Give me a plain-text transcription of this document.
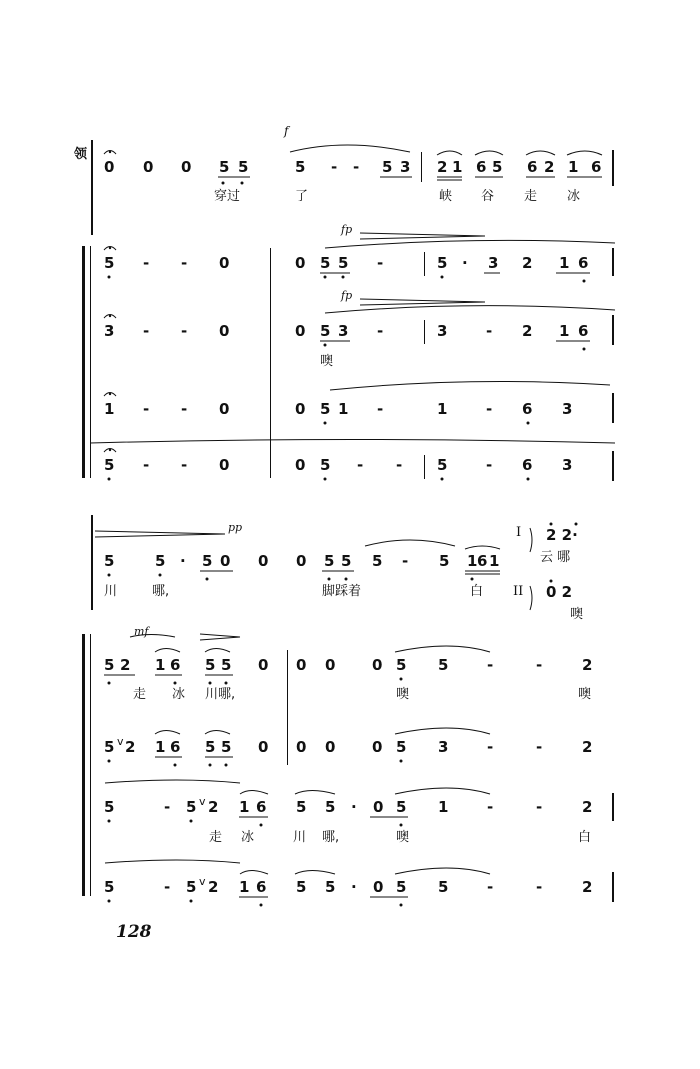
领
f
0 0 0 5 5	5 - - 5 3 2 1 6 5 6 2 1 6
穿过	了	峡 谷 走 冰
fp
5 - - 0	0 5 5 -	5 · 3 2 1 6
fp
3 - - 0	0 5 3 -	3	- 2 1 6
噢
1 - - 0	0 5 1 -	1	- 6 3
5 - - 0	0 5 - - 5	- 6 3
pp
5	5 · 5 0 0 0 5 5 5 - 5 1 6 1
川	哪,	脚踩着	白
I
II
2 2·
云 哪
0 2
噢
mf
5 2 1 6 5 5 0 0 0 0 5 5	-	-	2
走 冰 川哪,	噢	噢
5 v 2 1 6 5 5 0 0 0 0 5 3	-	-	2
5	- 5 v 2 1 6 5 5 · 0 5 1	-	-	2
走 冰	川 哪,	噢	白
5	- 5 v 2 1 6 5 5 · 0 5 5	-	-	2
128
